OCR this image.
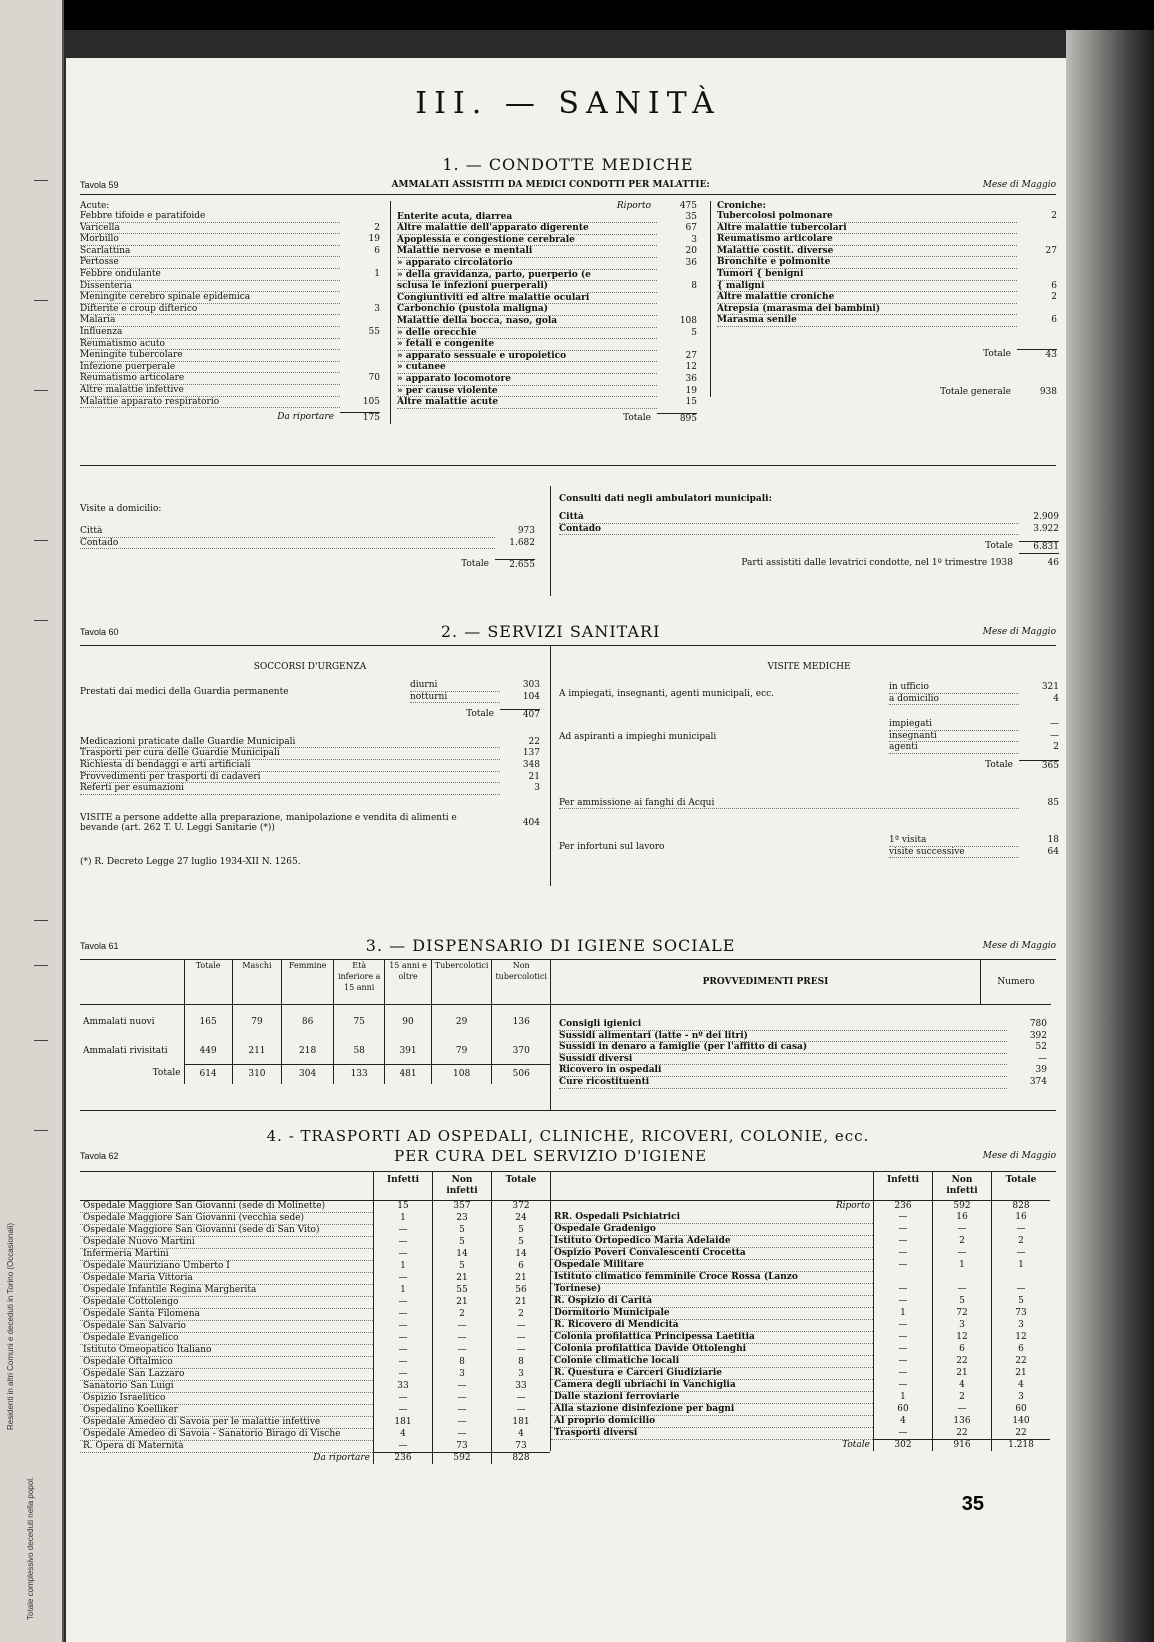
Residenti in altri Comuni e deceduti in Torino (Occasionali)
Totale complessivo deceduti nella popol.
III. — SANITÀ
1. — CONDOTTE MEDICHE
Tavola 59	AMMALATI ASSISTITI DA MEDICI CONDOTTI PER MALATTIE:	Mese di Maggio
Acute:
Febbre tifoide e paratifoide
Varicella	2
Morbillo	19
Scarlattina	6
Pertosse
Febbre ondulante	1
Dissenteria
Meningite cerebro spinale epidemica
Difterite e croup difterico	3
Malaria
Influenza	55
Reumatismo acuto
Meningite tubercolare
Infezione puerperale
Reumatismo articolare	70
Altre malattie infettive
Malattie apparato respiratorio	105
Da riportare	175
Riporto	475
Enterite acuta, diarrea	35
Altre malattie dell'apparato digerente	67
Apoplessia e congestione cerebrale	3
Malattie nervose e mentali	20
» apparato circolatorio	36
» della gravidanza, parto, puerperio (e
sclusa le infezioni puerperali)	8
Congiuntiviti ed altre malattie oculari
Carbonchio (pustola maligna)
Malattie della bocca, naso, gola	108
» delle orecchie	5
» fetali e congenite
» apparato sessuale e uropoietico	27
» cutanee	12
» apparato locomotore	36
» per cause violente	19
Altre malattie acute	15
Totale	895
Croniche:
Tubercolosi polmonare	2
Altre malattie tubercolari
Reumatismo articolare
Malattie costit. diverse	27
Bronchite e polmonite
Tumori { benigni
{ maligni	6
Altre malattie croniche	2
Atrepsia (marasma dei bambini)
Marasma senile	6
Totale	43
Totale generale	938
Visite a domicilio:
Città	973
Contado	1.682
Totale	2.655
Consulti dati negli ambulatori municipali:
Città	2.909
Contado	3.922
Totale	6.831
Parti assistiti dalle levatrici condotte, nel 1º trimestre 1938	46
Tavola 60	2. — SERVIZI SANITARI	Mese di Maggio
SOCCORSI D'URGENZA
Prestati dai medici della Guardia permanente
diurni	303
notturni	104
Totale	407
Medicazioni praticate dalle Guardie Municipali	22
Trasporti per cura delle Guardie Municipali	137
Richiesta di bendaggi e arti artificiali	348
Provvedimenti per trasporti di cadaveri	21
Referti per esumazioni	3
VISITE a persone addette alla preparazione, manipolazione e vendita di alimenti e bevande (art. 262 T. U. Leggi Sanitarie (*))	404
(*) R. Decreto Legge 27 luglio 1934-XII N. 1265.
VISITE MEDICHE
A impiegati, insegnanti, agenti municipali, ecc.
in ufficio	321
a domicilio	4
Ad aspiranti a impieghi municipali
impiegati	—
insegnanti	—
agenti	2
Totale	365
Per ammissione ai fanghi di Acqui	85
Per infortuni sul lavoro
1ª visita	18
visite successive	64
Tavola 61	3. — DISPENSARIO DI IGIENE SOCIALE	Mese di Maggio
	Totale	Maschi	Femmine	Età inferiore a 15 anni	15 anni e oltre	Tubercolotici	Non tubercolotici
Ammalati nuovi	165	79	86	75	90	29	136
Ammalati rivisitati	449	211	218	58	391	79	370
Totale	614	310	304	133	481	108	506
PROVVEDIMENTI PRESI	Numero
Consigli igienici	780
Sussidi alimentari (latte - nº dei litri)	392
Sussidi in denaro a famiglie (per l'affitto di casa)	52
Sussidi diversi	—
Ricovero in ospedali	39
Cure ricostituenti	374
4. - TRASPORTI AD OSPEDALI, CLINICHE, RICOVERI, COLONIE, ecc.
Tavola 62	PER CURA DEL SERVIZIO D'IGIENE	Mese di Maggio
	Infetti	Non infetti	Totale
Ospedale Maggiore San Giovanni (sede di Molinette)	15	357	372
Ospedale Maggiore San Giovanni (vecchia sede)	1	23	24
Ospedale Maggiore San Giovanni (sede di San Vito)	—	5	5
Ospedale Nuovo Martini	—	5	5
Infermeria Martini	—	14	14
Ospedale Mauriziano Umberto I	1	5	6
Ospedale Maria Vittoria	—	21	21
Ospedale Infantile Regina Margherita	1	55	56
Ospedale Cottolengo	—	21	21
Ospedale Santa Filomena	—	2	2
Ospedale San Salvario	—	—	—
Ospedale Evangelico	—	—	—
Istituto Omeopatico Italiano	—	—	—
Ospedale Oftalmico	—	8	8
Ospedale San Lazzaro	—	3	3
Sanatorio San Luigi	33	—	33
Ospizio Israelitico	—	—	—
Ospedalino Koelliker	—	—	—
Ospedale Amedeo di Savoia per le malattie infettive	181	—	181
Ospedale Amedeo di Savoia - Sanatorio Birago di Vische	4	—	4
R. Opera di Maternità	—	73	73
Da riportare	236	592	828
	Infetti	Non infetti	Totale
Riporto	236	592	828
RR. Ospedali Psichiatrici	—	16	16
Ospedale Gradenigo	—	—	—
Istituto Ortopedico Maria Adelaide	—	2	2
Ospizio Poveri Convalescenti Crocetta	—	—	—
Ospedale Militare	—	1	1
Istituto climatico femminile Croce Rossa (Lanzo			
Torinese)	—	—	—
R. Ospizio di Carità	—	5	5
Dormitorio Municipale	1	72	73
R. Ricovero di Mendicità	—	3	3
Colonia profilattica Principessa Laetitia	—	12	12
Colonia profilattica Davide Ottolenghi	—	6	6
Colonie climatiche locali	—	22	22
R. Questura e Carceri Giudiziarie	—	21	21
Camera degli ubriachi in Vanchiglia	—	4	4
Dalle stazioni ferroviarie	1	2	3
Alla stazione disinfezione per bagni	60	—	60
Al proprio domicilio	4	136	140
Trasporti diversi	—	22	22
Totale	302	916	1.218
35
